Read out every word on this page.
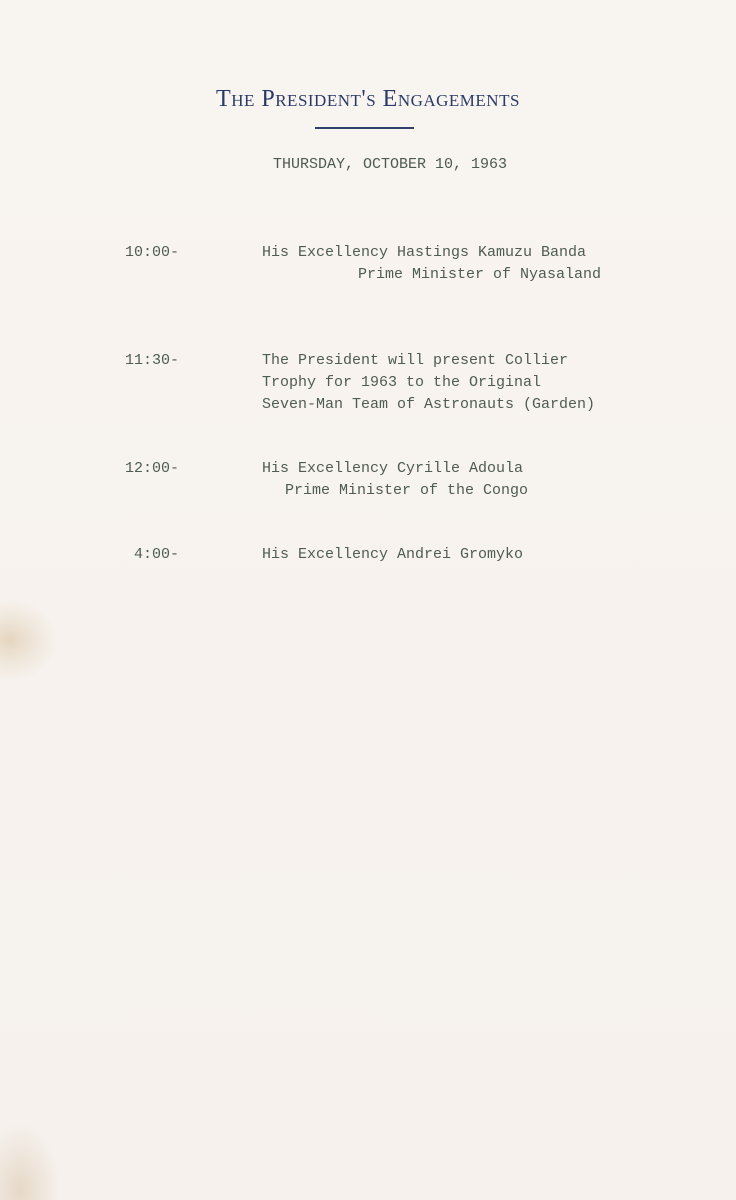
The President's Engagements
THURSDAY, OCTOBER 10, 1963
10:00-	His Excellency Hastings Kamuzu Banda
Prime Minister of Nyasaland
11:30-	The President will present Collier
Trophy for 1963 to the Original
Seven-Man Team of Astronauts (Garden)
12:00-	His Excellency Cyrille Adoula
Prime Minister of the Congo
4:00-	His Excellency Andrei Gromyko
